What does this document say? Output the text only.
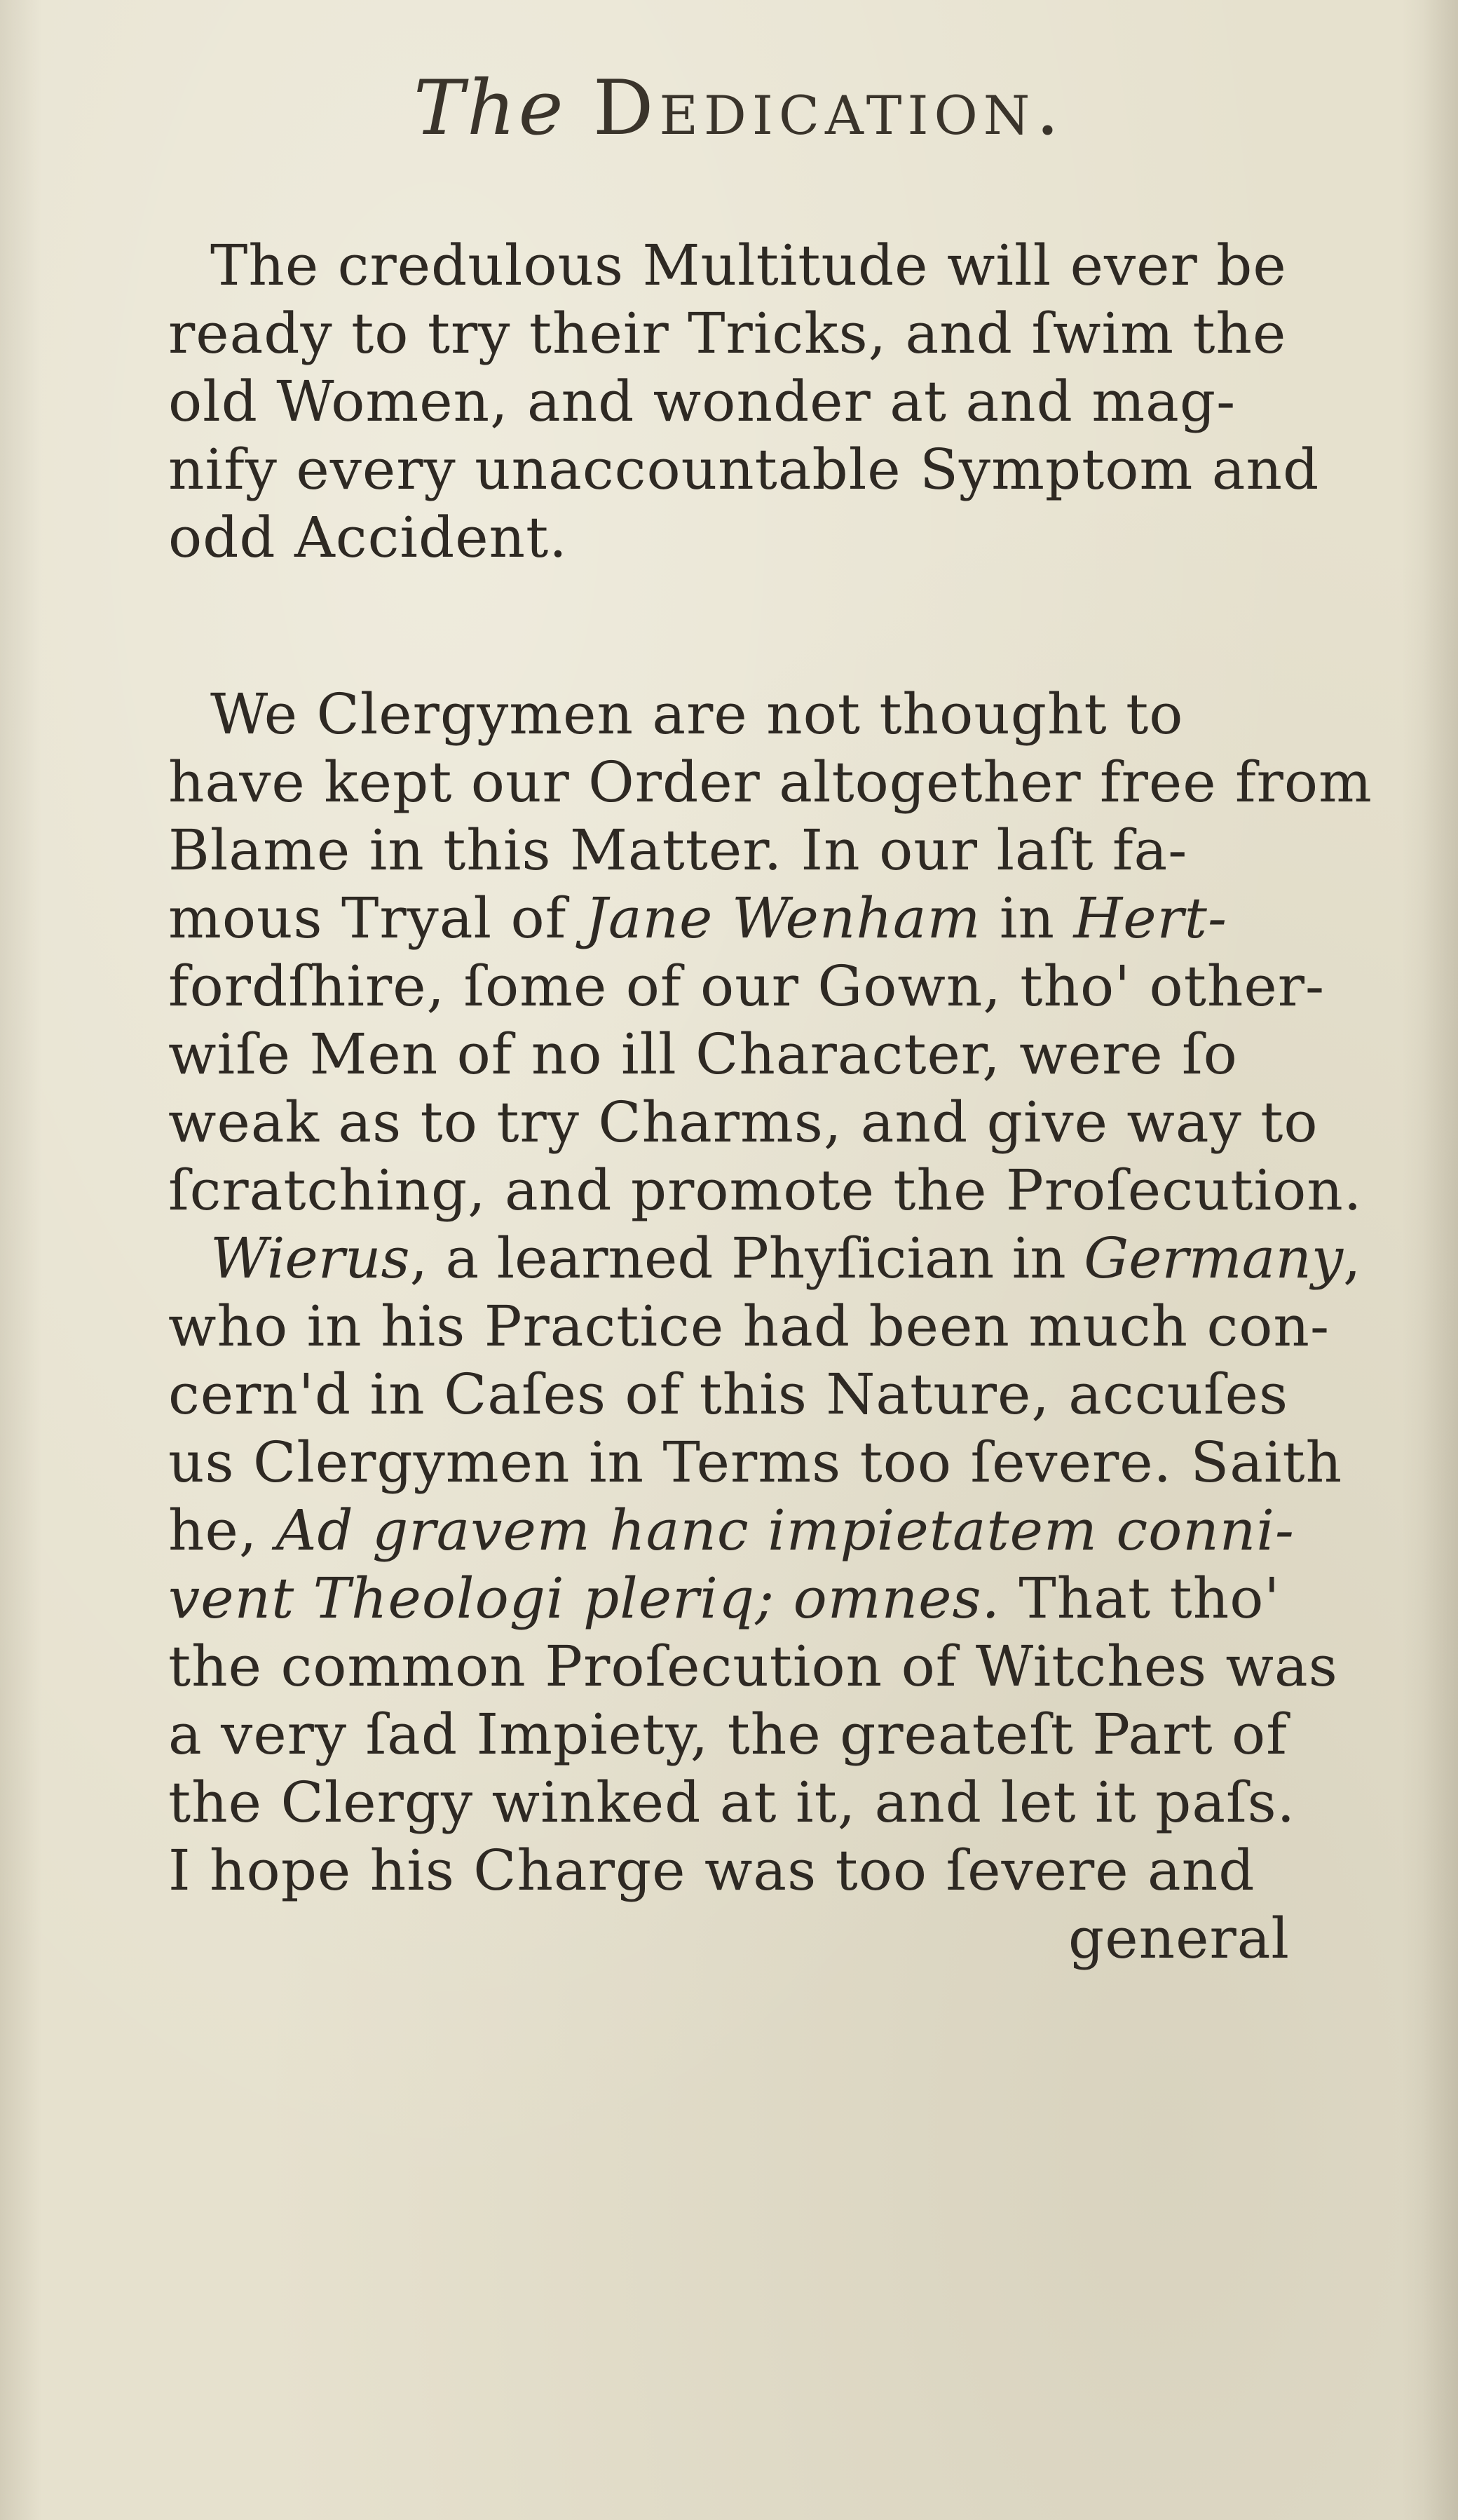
The Dedication.
The credulous Multitude will ever be
ready to try their Tricks, and ſwim the
old Women, and wonder at and mag-
nify every unaccountable Symptom and
odd Accident.
We Clergymen are not thought to
have kept our Order altogether free from
Blame in this Matter. In our laſt fa-
mous Tryal of Jane Wenham in Hert-
fordſhire, ſome of our Gown, tho' other-
wiſe Men of no ill Character, were ſo
weak as to try Charms, and give way to
ſcratching, and promote the Proſecution.
Wierus, a learned Phyſician in Germany,
who in his Practice had been much con-
cern'd in Caſes of this Nature, accuſes
us Clergymen in Terms too ſevere. Saith
he, Ad gravem hanc impietatem conni-
vent Theologi pleriq; omnes. That tho'
the common Proſecution of Witches was
a very ſad Impiety, the greateſt Part of
the Clergy winked at it, and let it paſs.
I hope his Charge was too ſevere and
general
